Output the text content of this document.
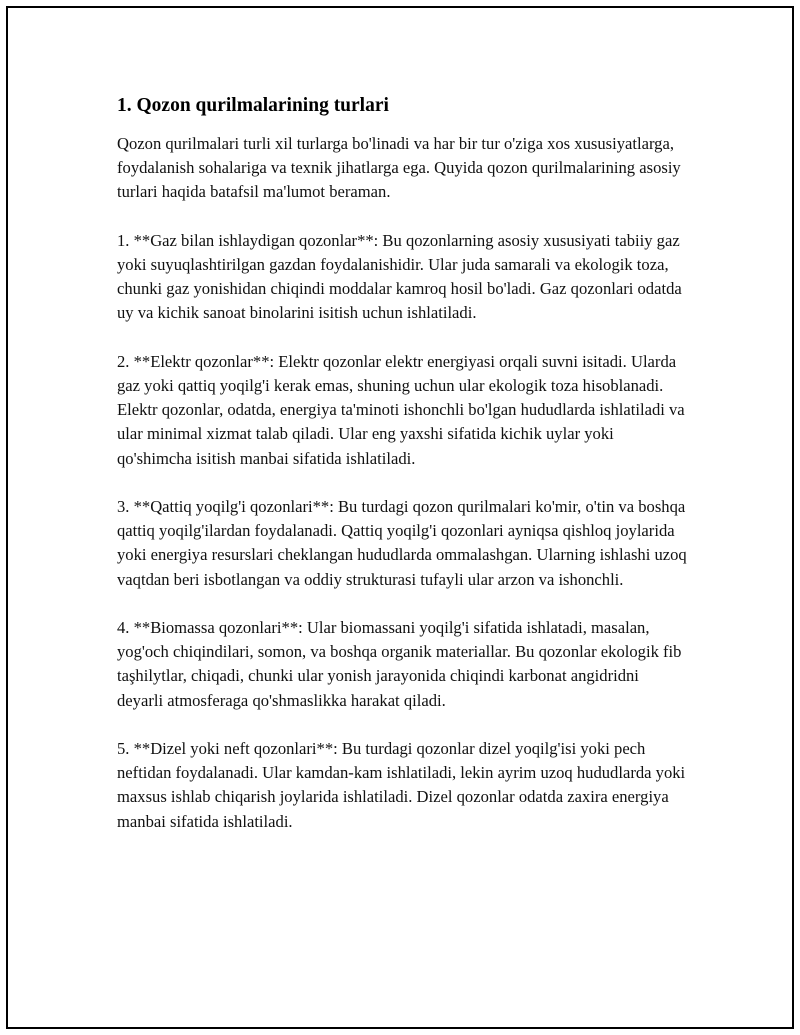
1. Qozon qurilmalarining turlari

Qozon qurilmalari turli xil turlarga bo'linadi va har bir tur o'ziga xos xususiyatlarga, foydalanish sohalariga va texnik jihatlarga ega. Quyida qozon qurilmalarining asosiy turlari haqida batafsil ma'lumot beraman.

1. **Gaz bilan ishlaydigan qozonlar**: Bu qozonlarning asosiy xususiyati tabiiy gaz yoki suyuqlashtirilgan gazdan foydalanishidir. Ular juda samarali va ekologik toza, chunki gaz yonishidan chiqindi moddalar kamroq hosil bo'ladi. Gaz qozonlari odatda uy va kichik sanoat binolarini isitish uchun ishlatiladi.

2. **Elektr qozonlar**: Elektr qozonlar elektr energiyasi orqali suvni isitadi. Ularda gaz yoki qattiq yoqilg'i kerak emas, shuning uchun ular ekologik toza hisoblanadi. Elektr qozonlar, odatda, energiya ta'minoti ishonchli bo'lgan hududlarda ishlatiladi va ular minimal xizmat talab qiladi. Ular eng yaxshi sifatida kichik uylar yoki qo'shimcha isitish manbai sifatida ishlatiladi.

3. **Qattiq yoqilg'i qozonlari**: Bu turdagi qozon qurilmalari ko'mir, o'tin va boshqa qattiq yoqilg'ilardan foydalanadi. Qattiq yoqilg'i qozonlari ayniqsa qishloq joylarida yoki energiya resurslari cheklangan hududlarda ommalashgan. Ularning ishlashi uzoq vaqtdan beri isbotlangan va oddiy strukturasi tufayli ular arzon va ishonchli.

4. **Biomassa qozonlari**: Ular biomassani yoqilg'i sifatida ishlatadi, masalan, yog'och chiqindilari, somon, va boshqa organik materiallar. Bu qozonlar ekologik fib taşhilytlar, chiqadi, chunki ular yonish jarayonida chiqindi karbonat angidridni deyarli atmosferaga qo'shmaslikka harakat qiladi.

5. **Dizel yoki neft qozonlari**: Bu turdagi qozonlar dizel yoqilg'isi yoki pech neftidan foydalanadi. Ular kamdan-kam ishlatiladi, lekin ayrim uzoq hududlarda yoki maxsus ishlab chiqarish joylarida ishlatiladi. Dizel qozonlar odatda zaxira energiya manbai sifatida ishlatiladi.
